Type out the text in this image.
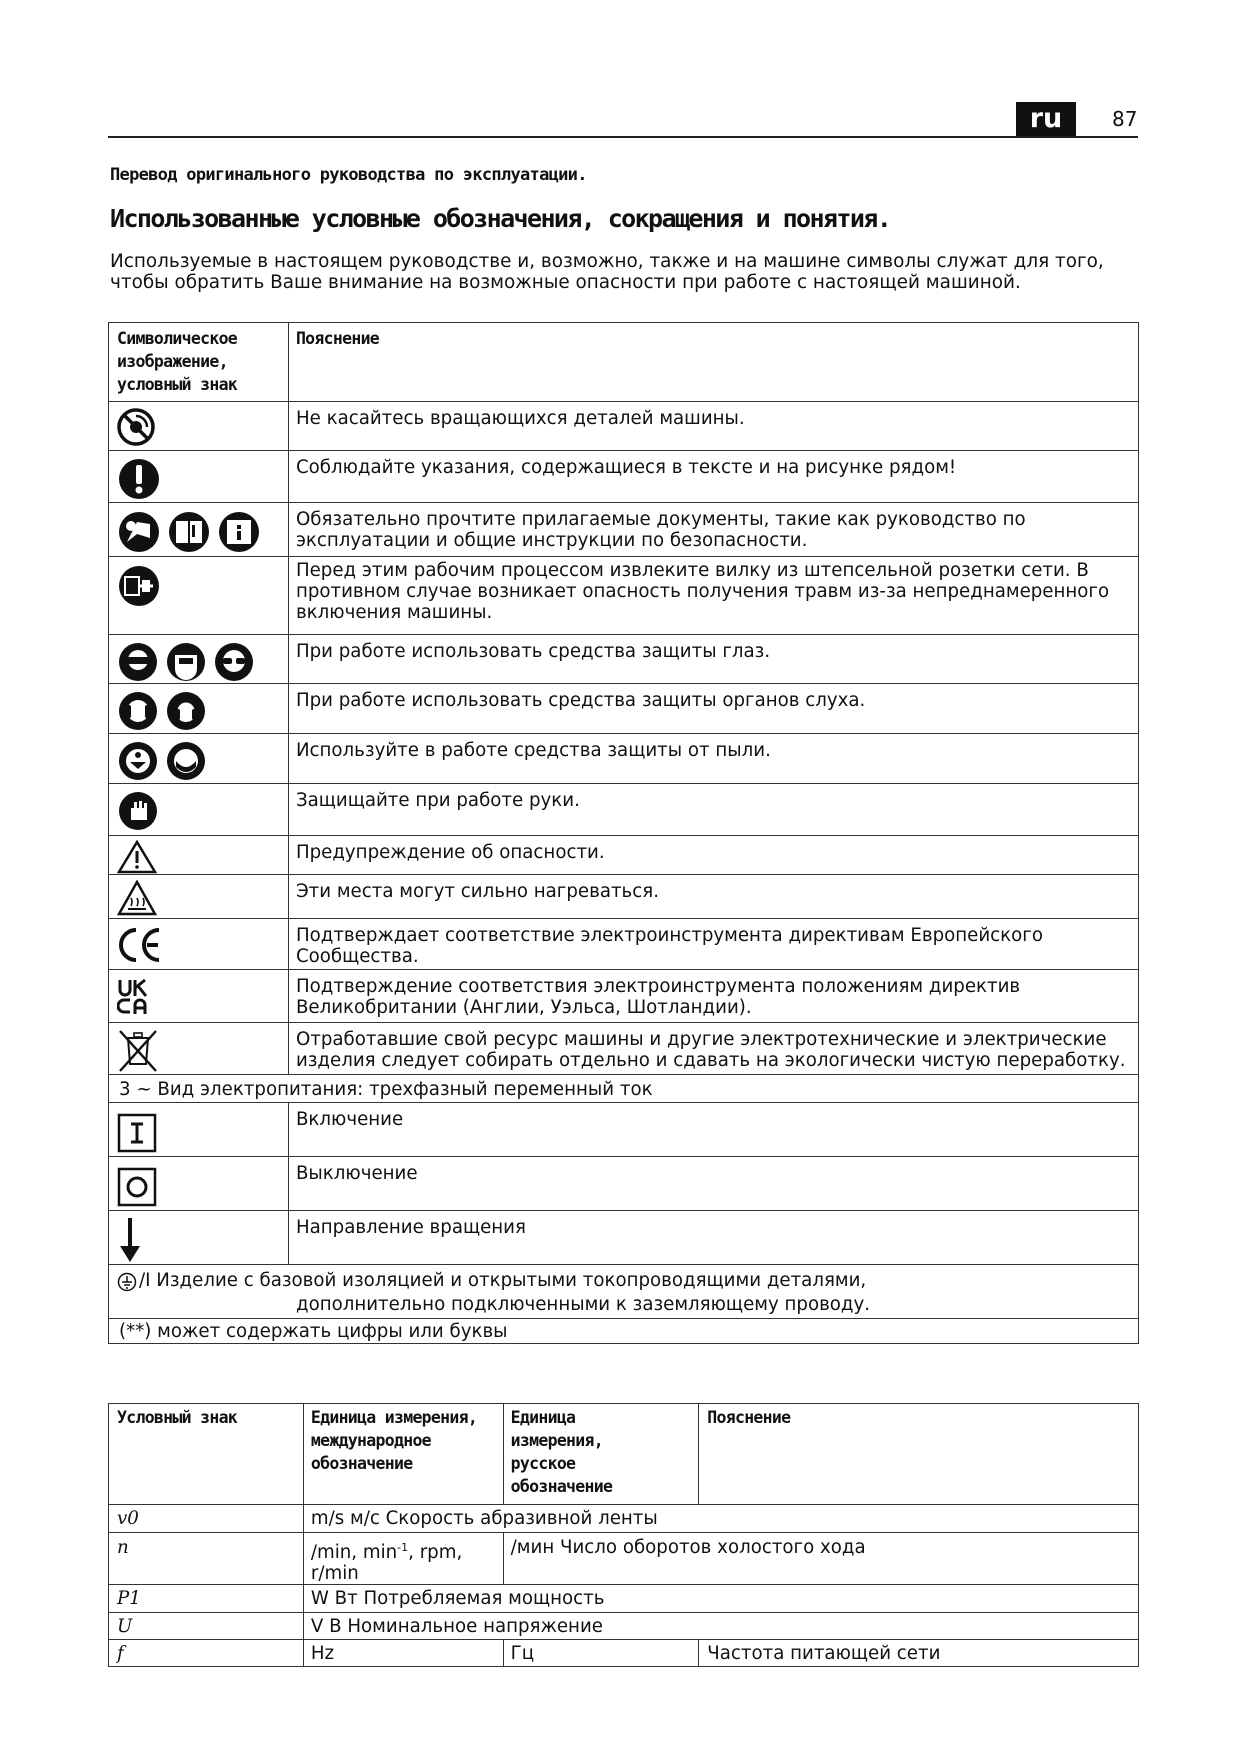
ru	87
Перевод оригинального руководства по эксплуатации.
Использованные условные обозначения, сокращения и понятия.
Используемые в настоящем руководстве и, возможно, также и на машине символы служат для того, чтобы обратить Ваше внимание на возможные опасности при работе с настоящей машиной.
Символическое изображение, условный знак	Пояснение

Не касайтесь вращающихся деталей машины.

Соблюдайте указания, содержащиеся в тексте и на рисунке рядом!

Обязательно прочтите прилагаемые документы, такие как руководство по эксплуатации и общие инструкции по безопасности.

Перед этим рабочим процессом извлеките вилку из штепсельной розетки сети. В противном случае возникает опасность получения травм из-за непреднамеренного включения машины.

При работе использовать средства защиты глаз.

При работе использовать средства защиты органов слуха.

Используйте в работе средства защиты от пыли.

Защищайте при работе руки.

Предупреждение об опасности.

Эти места могут сильно нагреваться.

Подтверждает соответствие электроинструмента директивам Европейского Сообщества.

Подтверждение соответствия электроинструмента положениям директив Великобритании (Англии, Уэльса, Шотландии).

Отработавшие свой ресурс машины и другие электротехнические и электрические изделия следует собирать отдельно и сдавать на экологически чистую переработку.

3 ~ Вид электропитания: трехфазный переменный ток	

Включение

Выключение

Направление вращения

/I Изделие с базовой изоляцией и открытыми токопроводящими деталями,
дополнительно подключенными к заземляющему проводу.	

(**) может содержать цифры или буквы	
Условный знак	Единица измерения, международное обозначение	Единица измерения, русское обозначение	Пояснение

v0	m/s м/с Скорость абразивной ленты		

n	/min, $\min^{-1}$, rpm, r/min	/мин Число оборотов холостого хода	

P1	W Вт Потребляемая мощность		

U	V В Номинальное напряжение		

f	Hz	Гц	Частота питающей сети
